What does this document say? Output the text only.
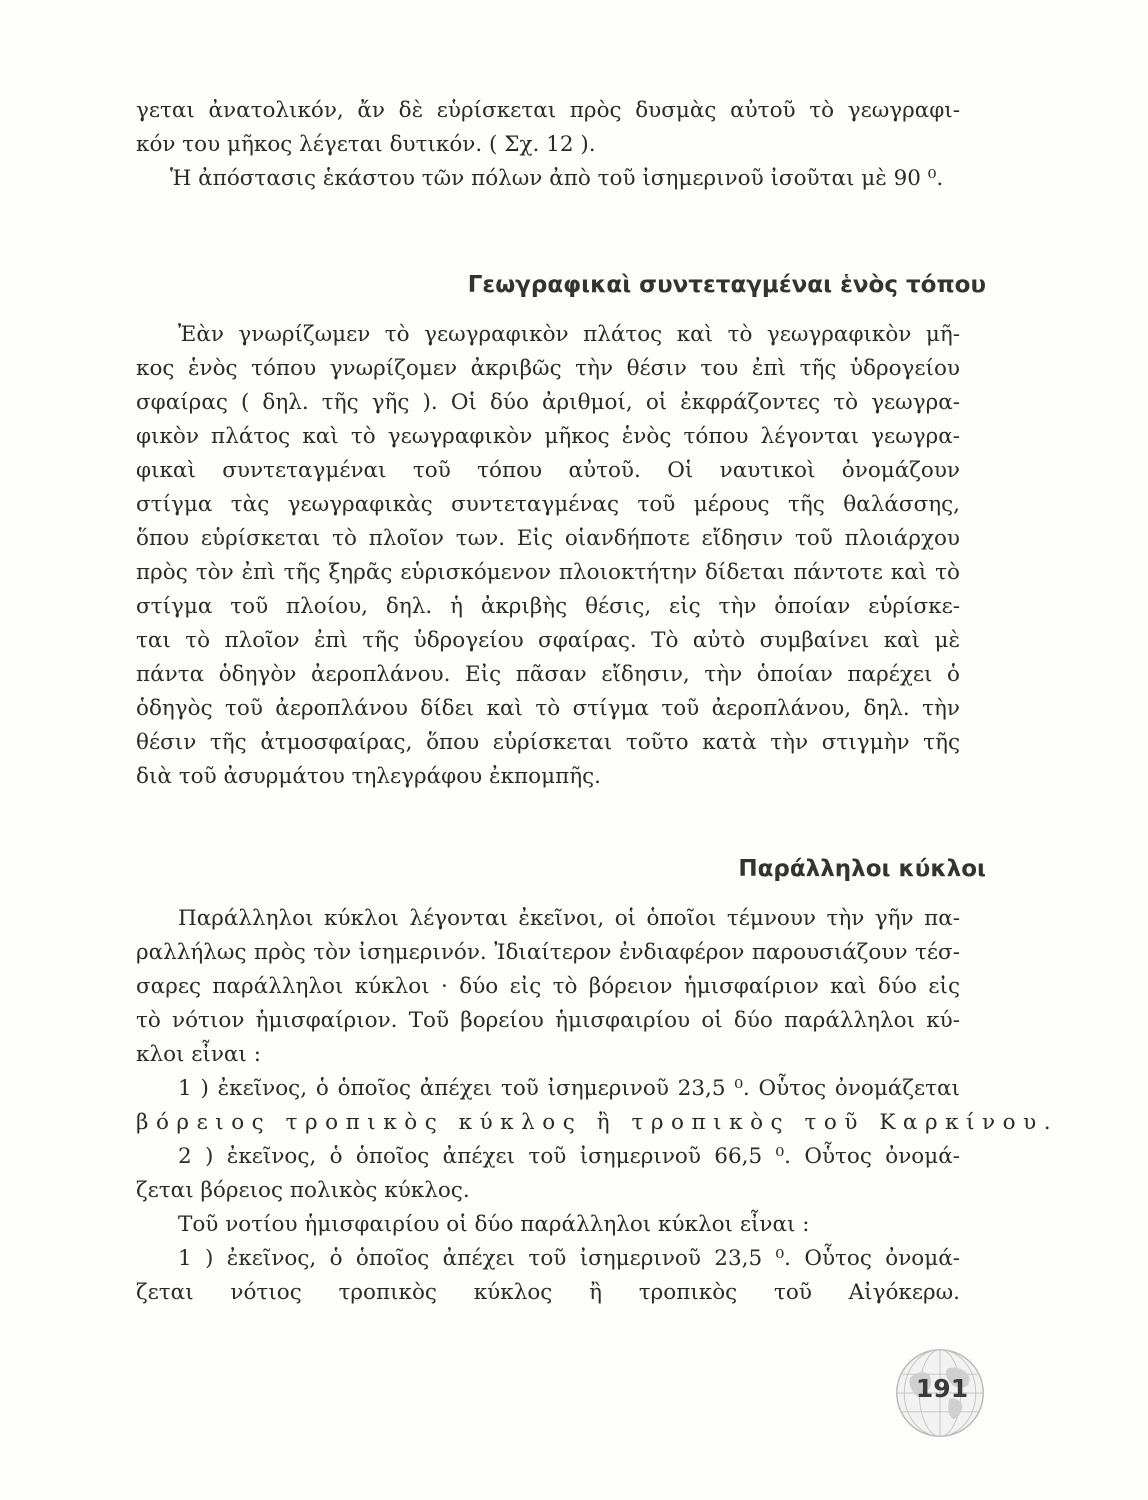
γεται ἀνατολικόν, ἄν δὲ εὑρίσκεται πρὸς δυσμὰς αὐτοῦ τὸ γεωγραφι-
κόν του μῆκος λέγεται δυτικόν. ( Σχ. 12 ).
Ἡ ἀπόστασις ἑκάστου τῶν πόλων ἀπὸ τοῦ ἰσημερινοῦ ἰσοῦται μὲ 90 ⁰.
Γεωγραφικαὶ συντεταγμέναι ἑνὸς τόπου
Ἐὰν γνωρίζωμεν τὸ γεωγραφικὸν πλάτος καὶ τὸ γεωγραφικὸν μῆ-
κος ἑνὸς τόπου γνωρίζομεν ἀκριβῶς τὴν θέσιν του ἐπὶ τῆς ὑδρογείου
σφαίρας ( δηλ. τῆς γῆς ). Οἱ δύο ἀριθμοί, οἱ ἐκφράζοντες τὸ γεωγρα-
φικὸν πλάτος καὶ τὸ γεωγραφικὸν μῆκος ἑνὸς τόπου λέγονται γεωγρα-
φικαὶ συντεταγμέναι τοῦ τόπου αὐτοῦ. Οἱ ναυτικοὶ ὀνομάζουν
στίγμα τὰς γεωγραφικὰς συντεταγμένας τοῦ μέρους τῆς θαλάσσης,
ὅπου εὑρίσκεται τὸ πλοῖον των. Εἰς οἱανδήποτε εἴδησιν τοῦ πλοιάρχου
πρὸς τὸν ἐπὶ τῆς ξηρᾶς εὑρισκόμενον πλοιοκτήτην δίδεται πάντοτε καὶ τὸ
στίγμα τοῦ πλοίου, δηλ. ἡ ἀκριβὴς θέσις, εἰς τὴν ὁποίαν εὑρίσκε-
ται τὸ πλοῖον ἐπὶ τῆς ὑδρογείου σφαίρας. Τὸ αὐτὸ συμβαίνει καὶ μὲ
πάντα ὁδηγὸν ἀεροπλάνου. Εἰς πᾶσαν εἴδησιν, τὴν ὁποίαν παρέχει ὁ
ὁδηγὸς τοῦ ἀεροπλάνου δίδει καὶ τὸ στίγμα τοῦ ἀεροπλάνου, δηλ. τὴν
θέσιν τῆς ἀτμοσφαίρας, ὅπου εὑρίσκεται τοῦτο κατὰ τὴν στιγμὴν τῆς
διὰ τοῦ ἀσυρμάτου τηλεγράφου ἐκπομπῆς.
Παράλληλοι κύκλοι
Παράλληλοι κύκλοι λέγονται ἐκεῖνοι, οἱ ὁποῖοι τέμνουν τὴν γῆν πα-
ραλλήλως πρὸς τὸν ἰσημερινόν. Ἰδιαίτερον ἐνδιαφέρον παρουσιάζουν τέσ-
σαρες παράλληλοι κύκλοι · δύο εἰς τὸ βόρειον ἡμισφαίριον καὶ δύο εἰς
τὸ νότιον ἡμισφαίριον. Τοῦ βορείου ἡμισφαιρίου οἱ δύο παράλληλοι κύ-
κλοι εἶναι :
1 ) ἐκεῖνος, ὁ ὁποῖος ἀπέχει τοῦ ἰσημερινοῦ 23,5 ⁰. Οὗτος ὀνομάζεται
βόρειος τροπικὸς κύκλος ἢ τροπικὸς τοῦ Καρκίνου.
2 ) ἐκεῖνος, ὁ ὁποῖος ἀπέχει τοῦ ἰσημερινοῦ 66,5 ⁰. Οὗτος ὀνομά-
ζεται βόρειος πολικὸς κύκλος.
Τοῦ νοτίου ἡμισφαιρίου οἱ δύο παράλληλοι κύκλοι εἶναι :
1 ) ἐκεῖνος, ὁ ὁποῖος ἀπέχει τοῦ ἰσημερινοῦ 23,5 ⁰. Οὗτος ὀνομά-
ζεται νότιος τροπικὸς κύκλος ἢ τροπικὸς τοῦ Αἰγόκερω.
191
